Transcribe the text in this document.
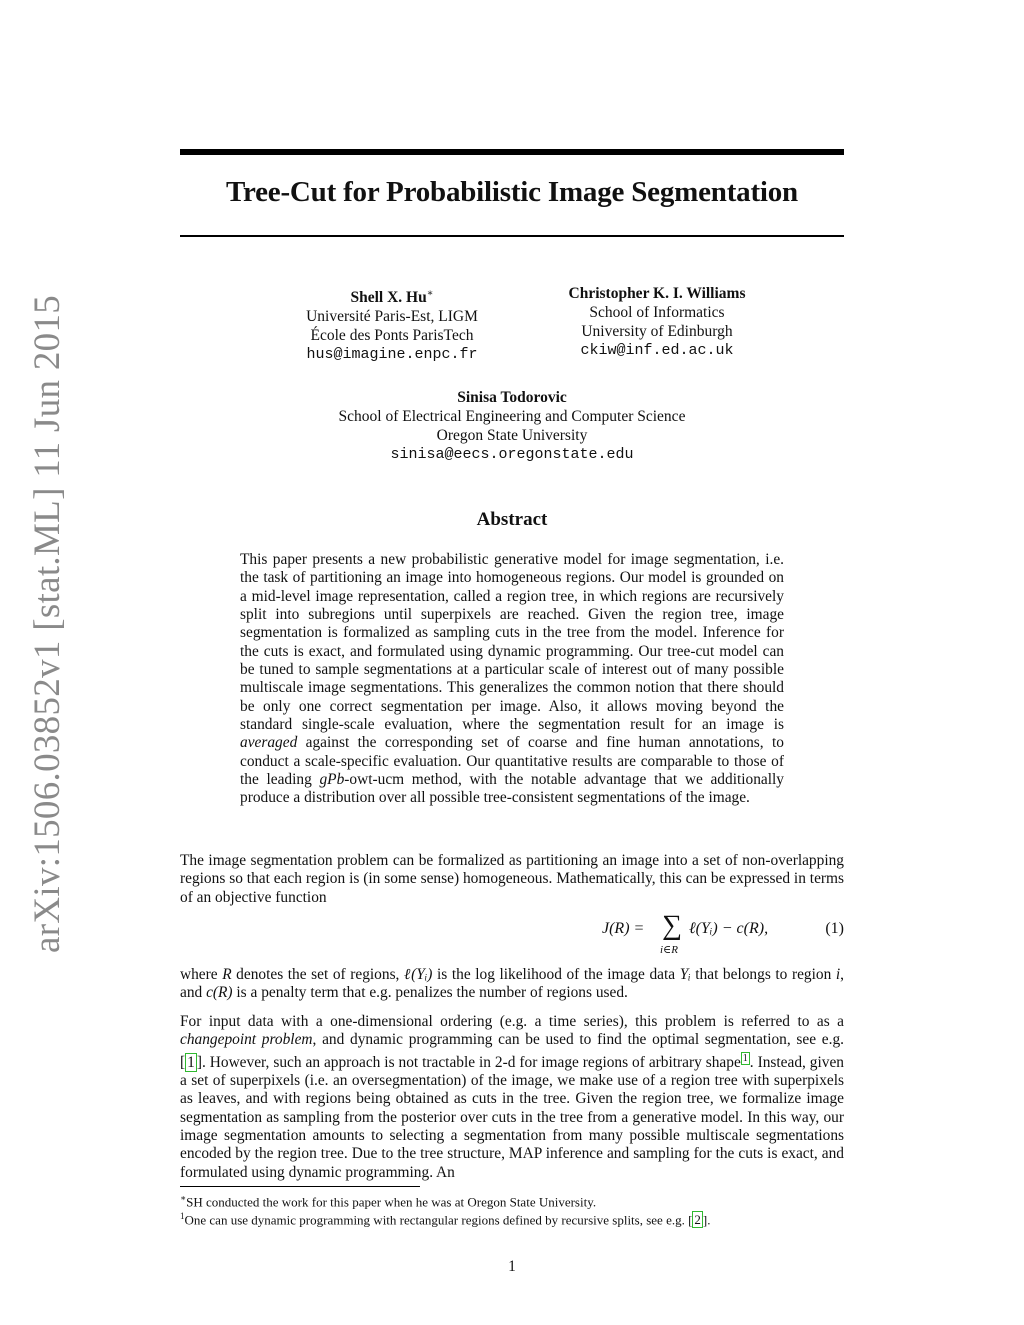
arXiv:1506.03852v1 [stat.ML] 11 Jun 2015
Tree-Cut for Probabilistic Image Segmentation
Shell X. Hu∗
Université Paris-Est, LIGM
École des Ponts ParisTech
hus@imagine.enpc.fr
Christopher K. I. Williams
School of Informatics
University of Edinburgh
ckiw@inf.ed.ac.uk
Sinisa Todorovic
School of Electrical Engineering and Computer Science
Oregon State University
sinisa@eecs.oregonstate.edu
Abstract
This paper presents a new probabilistic generative model for image segmentation, i.e. the task of partitioning an image into homogeneous regions. Our model is grounded on a mid-level image representation, called a region tree, in which regions are recursively split into subregions until superpixels are reached. Given the region tree, image segmentation is formalized as sampling cuts in the tree from the model. Inference for the cuts is exact, and formulated using dynamic programming. Our tree-cut model can be tuned to sample segmentations at a particular scale of interest out of many possible multiscale image segmentations. This generalizes the common notion that there should be only one correct segmentation per image. Also, it allows moving beyond the standard single-scale evaluation, where the segmentation result for an image is averaged against the corresponding set of coarse and fine human annotations, to conduct a scale-specific evaluation. Our quantitative results are comparable to those of the leading gPb-owt-ucm method, with the notable advantage that we additionally produce a distribution over all possible tree-consistent segmentations of the image.
The image segmentation problem can be formalized as partitioning an image into a set of non-overlapping regions so that each region is (in some sense) homogeneous. Mathematically, this can be expressed in terms of an objective function
J(R) = ∑
i∈R
ℓ(Yᵢ) − c(R),	(1)
where R denotes the set of regions, ℓ(Yᵢ) is the log likelihood of the image data Yᵢ that belongs to region i, and c(R) is a penalty term that e.g. penalizes the number of regions used.
For input data with a one-dimensional ordering (e.g. a time series), this problem is referred to as a changepoint problem, and dynamic programming can be used to find the optimal segmentation, see e.g. [ 1 ]. However, such an approach is not tractable in 2-d for image regions of arbitrary shape $^1$ . Instead, given a set of superpixels (i.e. an oversegmentation) of the image, we make use of a region tree with superpixels as leaves, and with regions being obtained as cuts in the tree. Given the region tree, we formalize image segmentation as sampling from the posterior over cuts in the tree from a generative model. In this way, our image segmentation amounts to selecting a segmentation from many possible multiscale segmentations encoded by the region tree. Due to the tree structure, MAP inference and sampling for the cuts is exact, and formulated using dynamic programming. An
∗SH conducted the work for this paper when he was at Oregon State University.
$^1$One can use dynamic programming with rectangular regions defined by recursive splits, see e.g. [ 2 ].
1
